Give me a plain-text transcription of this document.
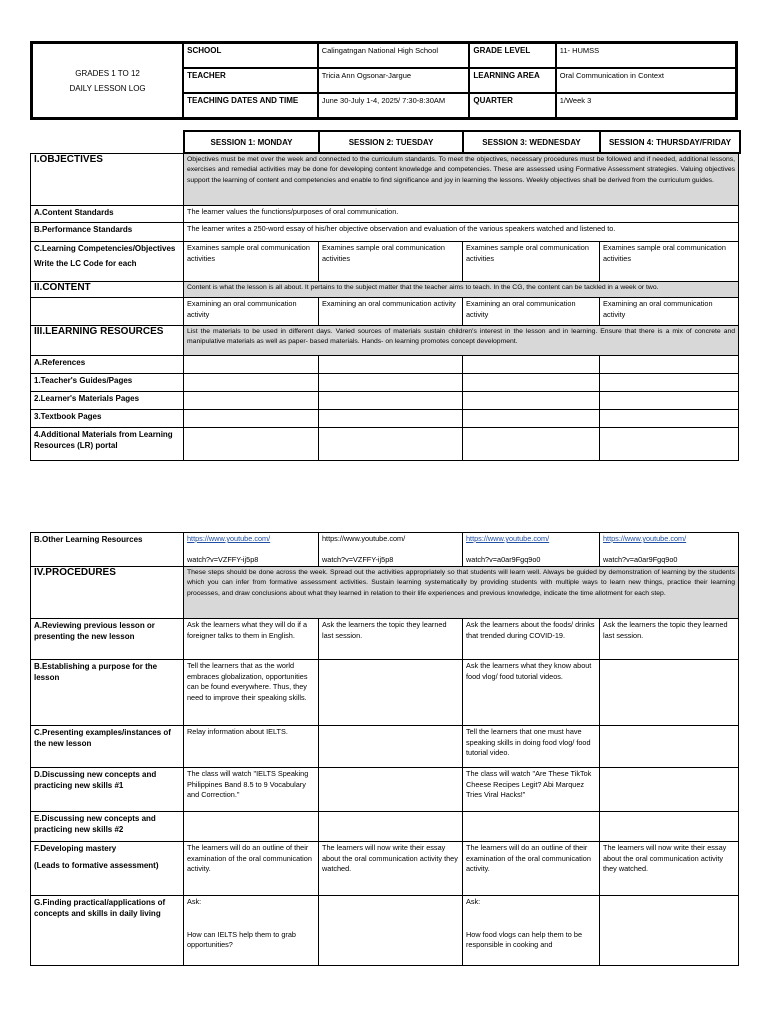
GRADES 1 TO 12
DAILY LESSON LOG	SCHOOL	Calingatngan National High School	GRADE LEVEL	11- HUMSS
	TEACHER	Tricia Ann Ogsonar-Jargue	LEARNING AREA	Oral Communication in Context
	TEACHING DATES AND TIME	June 30-July 1-4, 2025/ 7:30-8:30AM	QUARTER	1/Week 3
SESSION 1: MONDAY	SESSION 2: TUESDAY	SESSION 3: WEDNESDAY	SESSION 4: THURSDAY/FRIDAY
I.OBJECTIVES	Objectives must be met over the week and connected to the curriculum standards. To meet the objectives, necessary procedures must be followed and if needed, additional lessons, exercises and remedial activities may be done for developing content knowledge and competencies. These are assessed using Formative Assessment strategies. Valuing objectives support the learning of content and competencies and enable to find significance and joy in learning the lessons. Weekly objectives shall be derived from the curriculum guides.			
A.Content Standards	The learner values the functions/purposes of oral communication.			
B.Performance Standards	The learner writes a 250-word essay of his/her objective observation and evaluation of the various speakers watched and listened to.			
C.Learning Competencies/Objectives

Write the LC Code for each	Examines sample oral communication activities	Examines sample oral communication activities	Examines sample oral communication activities	Examines sample oral communication activities
II.CONTENT	Content is what the lesson is all about. It pertains to the subject matter that the teacher aims to teach. In the CG, the content can be tackled in a week or two.			
	Examining an oral communication activity	Examining an oral communication activity	Examining an oral communication activity	Examining an oral communication activity
III.LEARNING RESOURCES	List the materials to be used in different days. Varied sources of materials sustain children's interest in the lesson and in learning. Ensure that there is a mix of concrete and manipulative materials as well as paper- based materials. Hands- on learning promotes concept development.			
A.References				
1.Teacher's Guides/Pages				
2.Learner's Materials Pages				
3.Textbook Pages				
4.Additional Materials from Learning Resources (LR) portal				
B.Other Learning Resources	https://www.youtube.com/
watch?v=VZFFY-ij5p8	https://www.youtube.com/
watch?v=VZFFY-ij5p8	https://www.youtube.com/
watch?v=a0ar9Fgq9o0	https://www.youtube.com/
watch?v=a0ar9Fgq9o0
IV.PROCEDURES	These steps should be done across the week. Spread out the activities appropriately so that students will learn well. Always be guided by demonstration of learning by the students which you can infer from formative assessment activities. Sustain learning systematically by providing students with multiple ways to learn new things, practice their learning processes, and draw conclusions about what they learned in relation to their life experiences and previous knowledge, indicate the time allotment for each step.			
A.Reviewing previous lesson or presenting the new lesson	Ask the learners what they will do if a foreigner talks to them in English.	Ask the learners the topic they learned last session.	Ask the learners about the foods/ drinks that trended during COVID-19.	Ask the learners the topic they learned last session.
B.Establishing a purpose for the lesson	Tell the learners that as the world embraces globalization, opportunities can be found everywhere. Thus, they need to improve their speaking skills.		Ask the learners what they know about food vlog/ food tutorial videos.	
C.Presenting examples/instances of the new lesson	Relay information about IELTS.		Tell the learners that one must have speaking skills in doing food vlog/ food tutorial video.	
D.Discussing new concepts and practicing new skills #1	The class will watch "IELTS Speaking Philippines Band 8.5 to 9 Vocabulary and Correction."		The class will watch "Are These TikTok Cheese Recipes Legit? Abi Marquez Tries Viral Hacks!"	
E.Discussing new concepts and practicing new skills #2				
F.Developing mastery

(Leads to formative assessment)	The learners will do an outline of their examination of the oral communication activity.	The learners will now write their essay about the oral communication activity they watched.	The learners will do an outline of their examination of the oral communication activity.	The learners will now write their essay about the oral communication activity they watched.
G.Finding practical/applications of concepts and skills in daily living	Ask:
How can IELTS help them to grab opportunities?		Ask:
How food vlogs can help them to be responsible in cooking and	
